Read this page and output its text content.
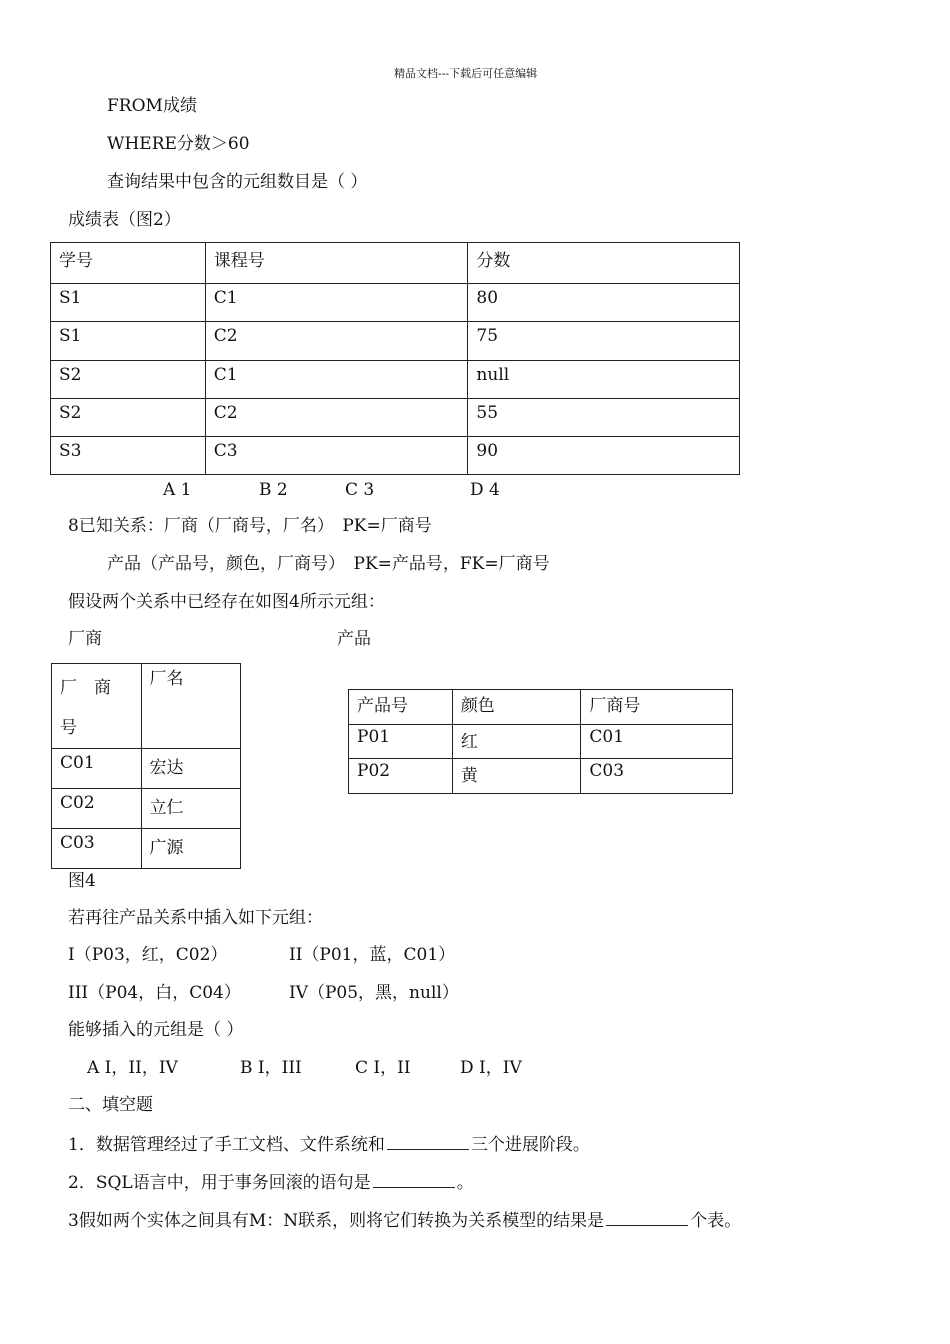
精品文档---下载后可任意编辑
FROM成绩
WHERE分数＞60
查询结果中包含的元组数目是（ ）
成绩表（图2）
学号	课程号	分数
S1	C1	80
S1	C2	75
S2	C1	null
S2	C2	55
S3	C3	90
A 1	B 2	C 3	D 4
8已知关系：厂商（厂商号，厂名）　PK=厂商号
产品（产品号，颜色，厂商号）　PK=产品号，FK=厂商号
假设两个关系中已经存在如图4所示元组：
厂商	产品
厂　商
号	厂名
C01	宏达
C02	立仁
C03	广源
产品号	颜色	厂商号
P01	红	C01
P02	黄	C03
图4
若再往产品关系中插入如下元组：
I（P03，红，C02）	II（P01，蓝，C01）
III（P04，白，C04）	IV（P05，黑，null）
能够插入的元组是（ ）
A I，II，IV	B I，III	C I，II	D I，IV
二、填空题
1．数据管理经过了手工文档、文件系统和	三个进展阶段。
2．SQL语言中，用于事务回滚的语句是	。
3假如两个实体之间具有M：N联系，则将它们转换为关系模型的结果是	个表。
